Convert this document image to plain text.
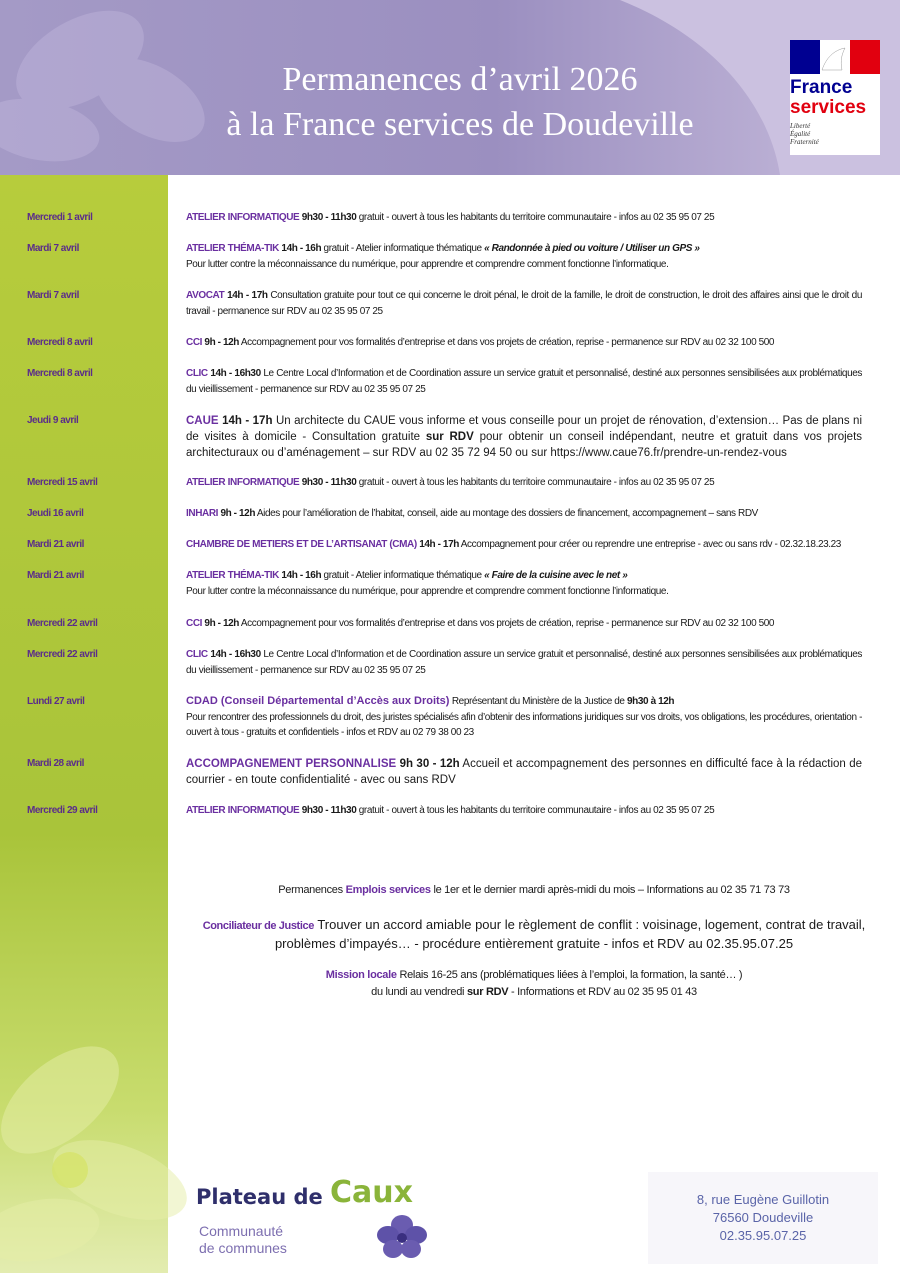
Permanences d’avril 2026
à la France services de Doudeville
France
services
Liberté
Égalité
Fraternité
Mercredi 1 avril	ATELIER INFORMATIQUE 9h30 - 11h30 gratuit - ouvert à tous les habitants du territoire communautaire - infos au 02 35 95 07 25
Mardi 7 avril	ATELIER THÉMA-TIK 14h - 16h gratuit - Atelier informatique thématique « Randonnée à pied ou voiture / Utiliser un GPS »
Pour lutter contre la méconnaissance du numérique, pour apprendre et comprendre comment fonctionne l’informatique.
Mardi 7 avril	AVOCAT 14h - 17h Consultation gratuite pour tout ce qui concerne le droit pénal, le droit de la famille, le droit de construction, le droit des affaires ainsi que le droit du travail - permanence sur RDV au 02 35 95 07 25
Mercredi 8 avril	CCI 9h - 12h Accompagnement pour vos formalités d’entreprise et dans vos projets de création, reprise - permanence sur RDV au 02 32 100 500
Mercredi 8 avril	CLIC 14h - 16h30 Le Centre Local d’Information et de Coordination assure un service gratuit et personnalisé, destiné aux personnes sensibilisées aux problématiques du vieillissement - permanence sur RDV au 02 35 95 07 25
Jeudi 9 avril	CAUE 14h - 17h Un architecte du CAUE vous informe et vous conseille pour un projet de rénovation, d’extension… Pas de plans ni de visites à domicile - Consultation gratuite sur RDV pour obtenir un conseil indépendant, neutre et gratuit dans vos projets architecturaux ou d’aménagement – sur RDV au 02 35 72 94 50 ou sur https://www.caue76.fr/prendre-un-rendez-vous
Mercredi 15 avril	ATELIER INFORMATIQUE 9h30 - 11h30 gratuit - ouvert à tous les habitants du territoire communautaire - infos au 02 35 95 07 25
Jeudi 16 avril	INHARI 9h - 12h Aides pour l’amélioration de l’habitat, conseil, aide au montage des dossiers de financement, accompagnement – sans RDV
Mardi 21 avril	CHAMBRE DE METIERS ET DE L’ARTISANAT (CMA) 14h - 17h Accompagnement pour créer ou reprendre une entreprise - avec ou sans rdv - 02.32.18.23.23
Mardi 21 avril	ATELIER THÉMA-TIK 14h - 16h gratuit - Atelier informatique thématique « Faire de la cuisine avec le net »
Pour lutter contre la méconnaissance du numérique, pour apprendre et comprendre comment fonctionne l’informatique.
Mercredi 22 avril	CCI 9h - 12h Accompagnement pour vos formalités d’entreprise et dans vos projets de création, reprise - permanence sur RDV au 02 32 100 500
Mercredi 22 avril	CLIC 14h - 16h30 Le Centre Local d’Information et de Coordination assure un service gratuit et personnalisé, destiné aux personnes sensibilisées aux problématiques du vieillissement - permanence sur RDV au 02 35 95 07 25
Lundi 27 avril	CDAD (Conseil Départemental d’Accès aux Droits) Représentant du Ministère de la Justice de 9h30 à 12h
Pour rencontrer des professionnels du droit, des juristes spécialisés afin d’obtenir des informations juridiques sur vos droits, vos obligations, les procédures, orientation - ouvert à tous - gratuits et confidentiels - infos et RDV au 02 79 38 00 23
Mardi 28 avril	ACCOMPAGNEMENT PERSONNALISE 9h 30 - 12h Accueil et accompagnement des personnes en difficulté face à la rédaction de courrier - en toute confidentialité - avec ou sans RDV
Mercredi 29 avril	ATELIER INFORMATIQUE 9h30 - 11h30 gratuit - ouvert à tous les habitants du territoire communautaire - infos au 02 35 95 07 25
Permanences Emplois services le 1er et le dernier mardi après-midi du mois – Informations au 02 35 71 73 73
Conciliateur de Justice Trouver un accord amiable pour le règlement de conflit : voisinage, logement, contrat de travail,
problèmes d’impayés… - procédure entièrement gratuite - infos et RDV au 02.35.95.07.25
Mission locale Relais 16-25 ans (problématiques liées à l’emploi, la formation, la santé… )
du lundi au vendredi sur RDV - Informations et RDV au 02 35 95 01 43
Plateau de Caux
Communauté
de communes
8, rue Eugène Guillotin
76560 Doudeville
02.35.95.07.25
